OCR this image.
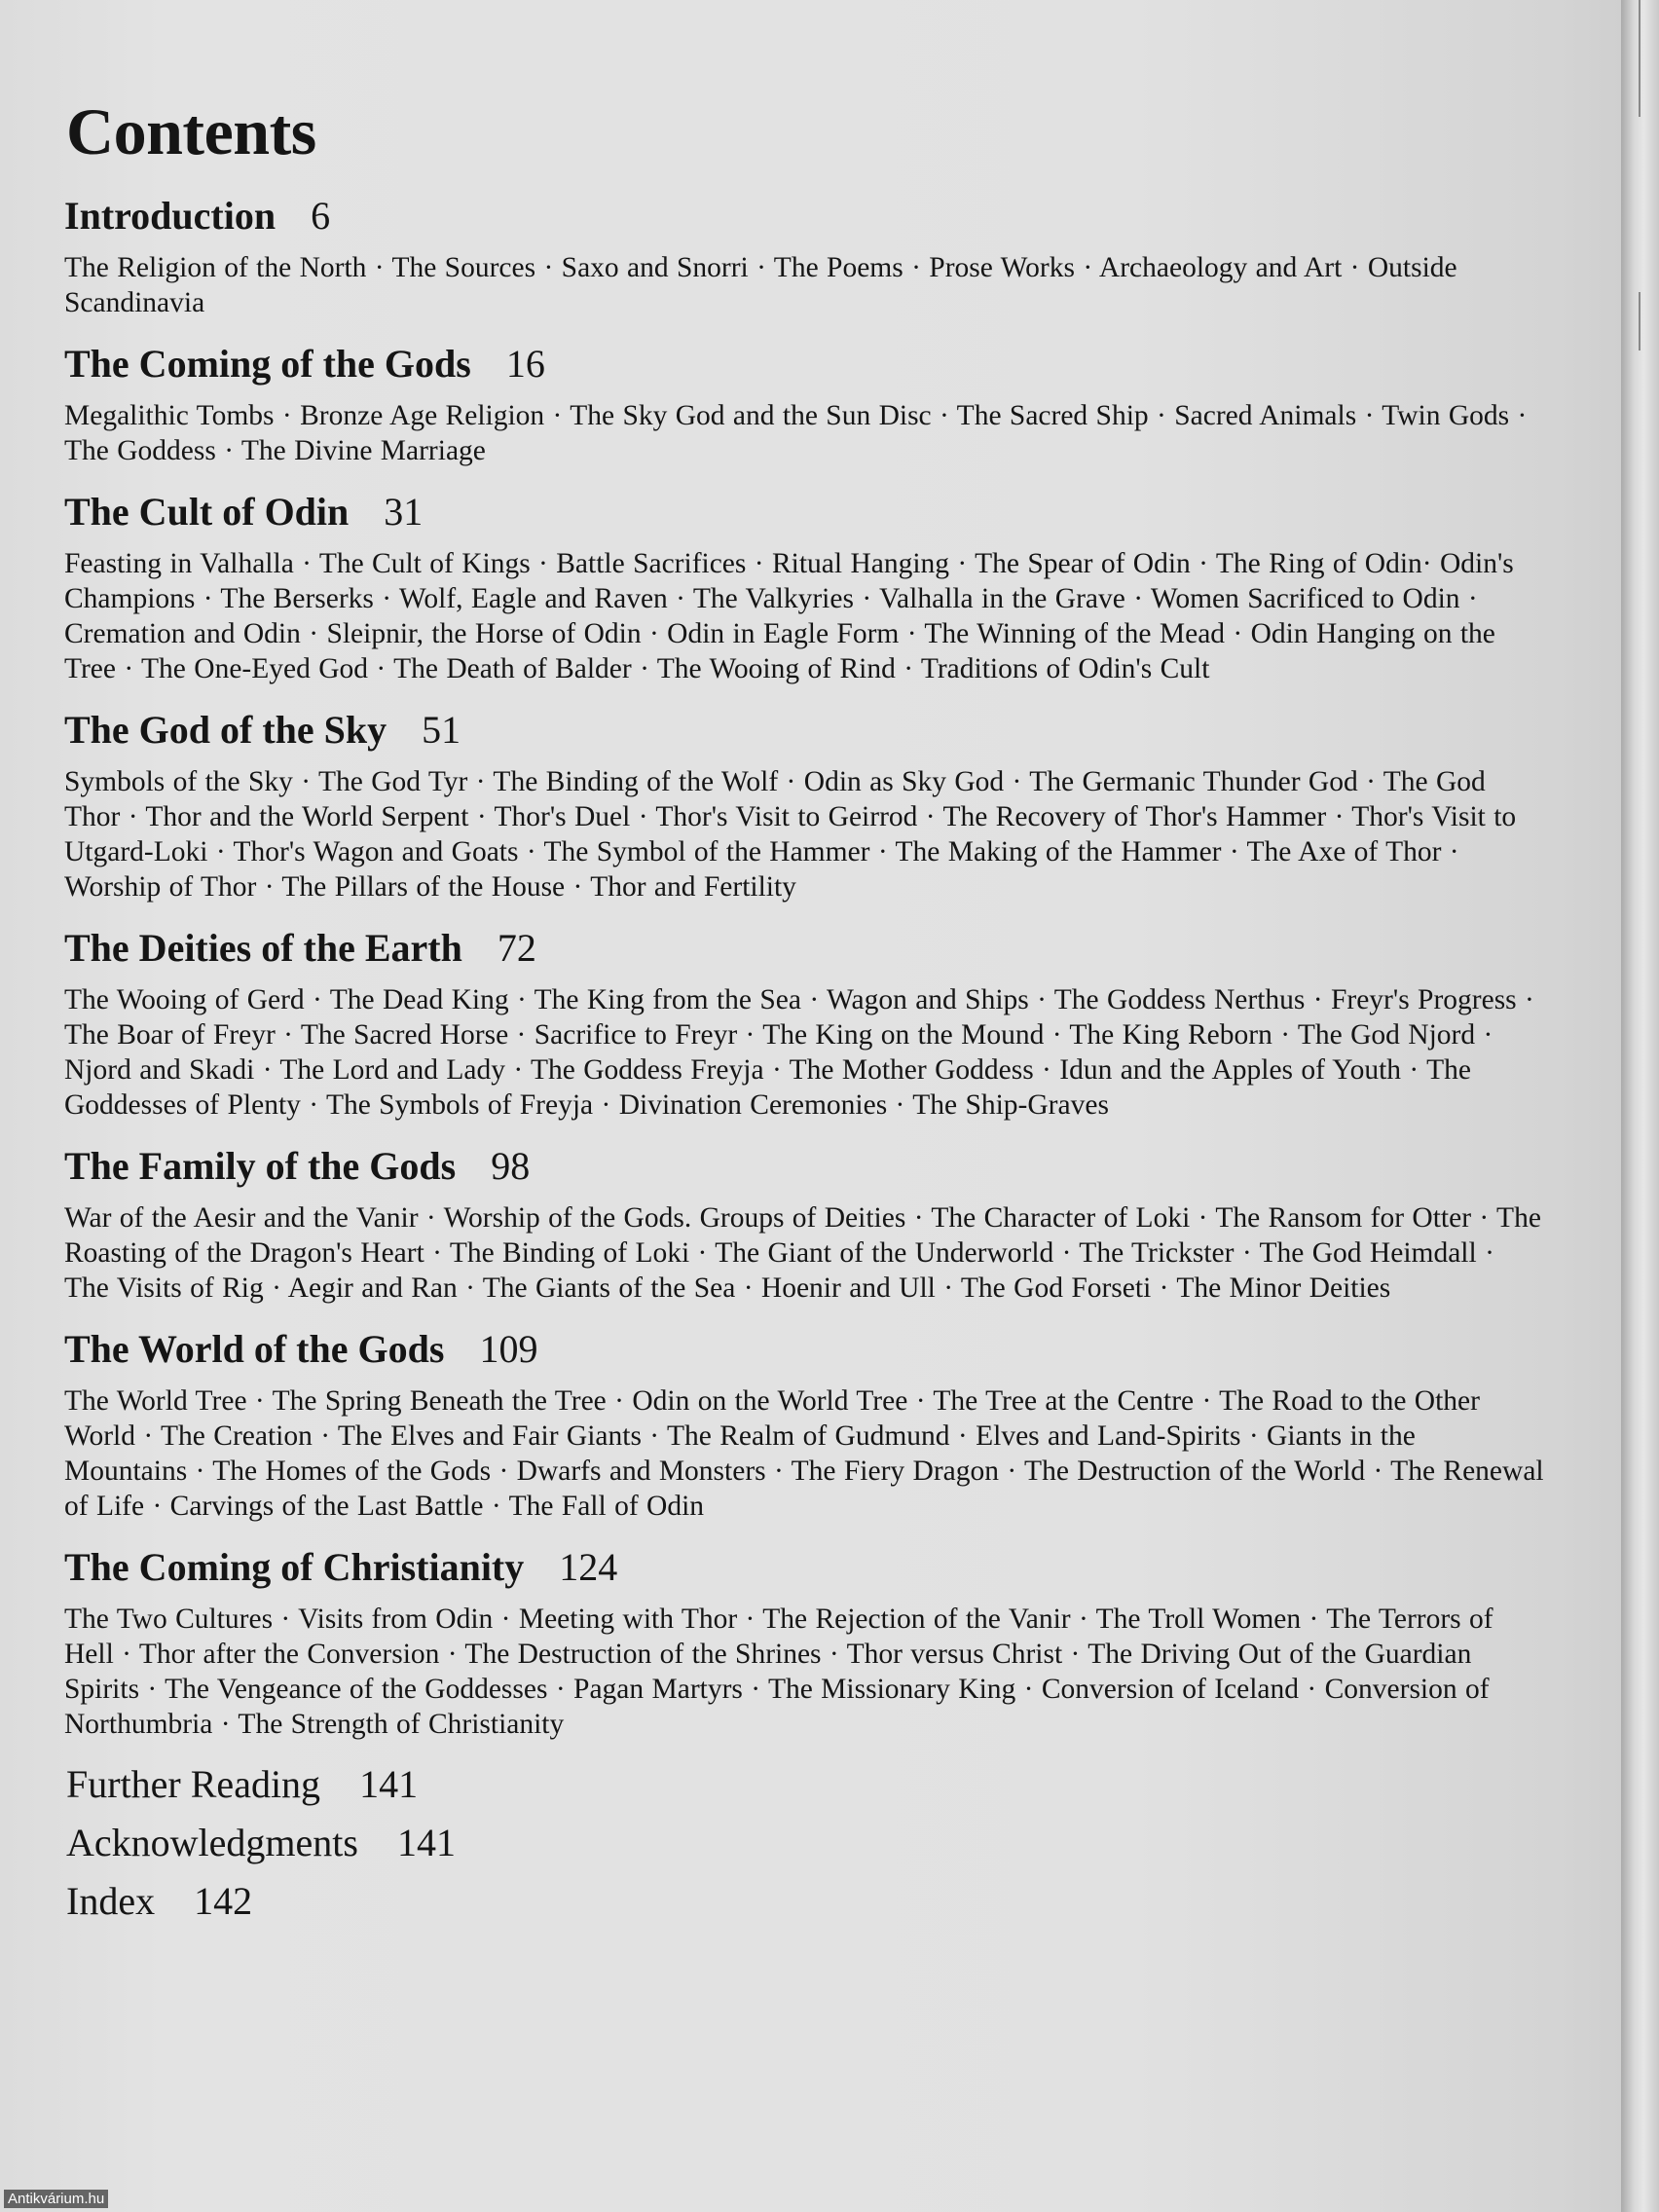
Contents
Introduction 6

The Religion of the North · The Sources · Saxo and Snorri · The Poems · Prose Works · Archaeology and Art · Outside Scandinavia

The Coming of the Gods 16

Megalithic Tombs · Bronze Age Religion · The Sky God and the Sun Disc · The Sacred Ship · Sacred Animals · Twin Gods · The Goddess · The Divine Marriage

The Cult of Odin 31

Feasting in Valhalla · The Cult of Kings · Battle Sacrifices · Ritual Hanging · The Spear of Odin · The Ring of Odin· Odin's Champions · The Berserks · Wolf, Eagle and Raven · The Valkyries · Valhalla in the Grave · Women Sacrificed to Odin · Cremation and Odin · Sleipnir, the Horse of Odin · Odin in Eagle Form · The Winning of the Mead · Odin Hanging on the Tree · The One-Eyed God · The Death of Balder · The Wooing of Rind · Traditions of Odin's Cult

The God of the Sky 51

Symbols of the Sky · The God Tyr · The Binding of the Wolf · Odin as Sky God · The Germanic Thunder God · The God Thor · Thor and the World Serpent · Thor's Duel · Thor's Visit to Geirrod · The Recovery of Thor's Hammer · Thor's Visit to Utgard-Loki · Thor's Wagon and Goats · The Symbol of the Hammer · The Making of the Hammer · The Axe of Thor · Worship of Thor · The Pillars of the House · Thor and Fertility

The Deities of the Earth 72

The Wooing of Gerd · The Dead King · The King from the Sea · Wagon and Ships · The Goddess Nerthus · Freyr's Progress · The Boar of Freyr · The Sacred Horse · Sacrifice to Freyr · The King on the Mound · The King Reborn · The God Njord · Njord and Skadi · The Lord and Lady · The Goddess Freyja · The Mother Goddess · Idun and the Apples of Youth · The Goddesses of Plenty · The Symbols of Freyja · Divination Ceremonies · The Ship-Graves

The Family of the Gods 98

War of the Aesir and the Vanir · Worship of the Gods. Groups of Deities · The Character of Loki · The Ransom for Otter · The Roasting of the Dragon's Heart · The Binding of Loki · The Giant of the Underworld · The Trickster · The God Heimdall · The Visits of Rig · Aegir and Ran · The Giants of the Sea · Hoenir and Ull · The God Forseti · The Minor Deities

The World of the Gods 109

The World Tree · The Spring Beneath the Tree · Odin on the World Tree · The Tree at the Centre · The Road to the Other World · The Creation · The Elves and Fair Giants · The Realm of Gudmund · Elves and Land-Spirits · Giants in the Mountains · The Homes of the Gods · Dwarfs and Monsters · The Fiery Dragon · The Destruction of the World · The Renewal of Life · Carvings of the Last Battle · The Fall of Odin

The Coming of Christianity 124

The Two Cultures · Visits from Odin · Meeting with Thor · The Rejection of the Vanir · The Troll Women · The Terrors of Hell · Thor after the Conversion · The Destruction of the Shrines · Thor versus Christ · The Driving Out of the Guardian Spirits · The Vengeance of the Goddesses · Pagan Martyrs · The Missionary King · Conversion of Iceland · Conversion of Northumbria · The Strength of Christianity

Further Reading 141
Acknowledgments 141
Index 142
Antikvárium.hu
